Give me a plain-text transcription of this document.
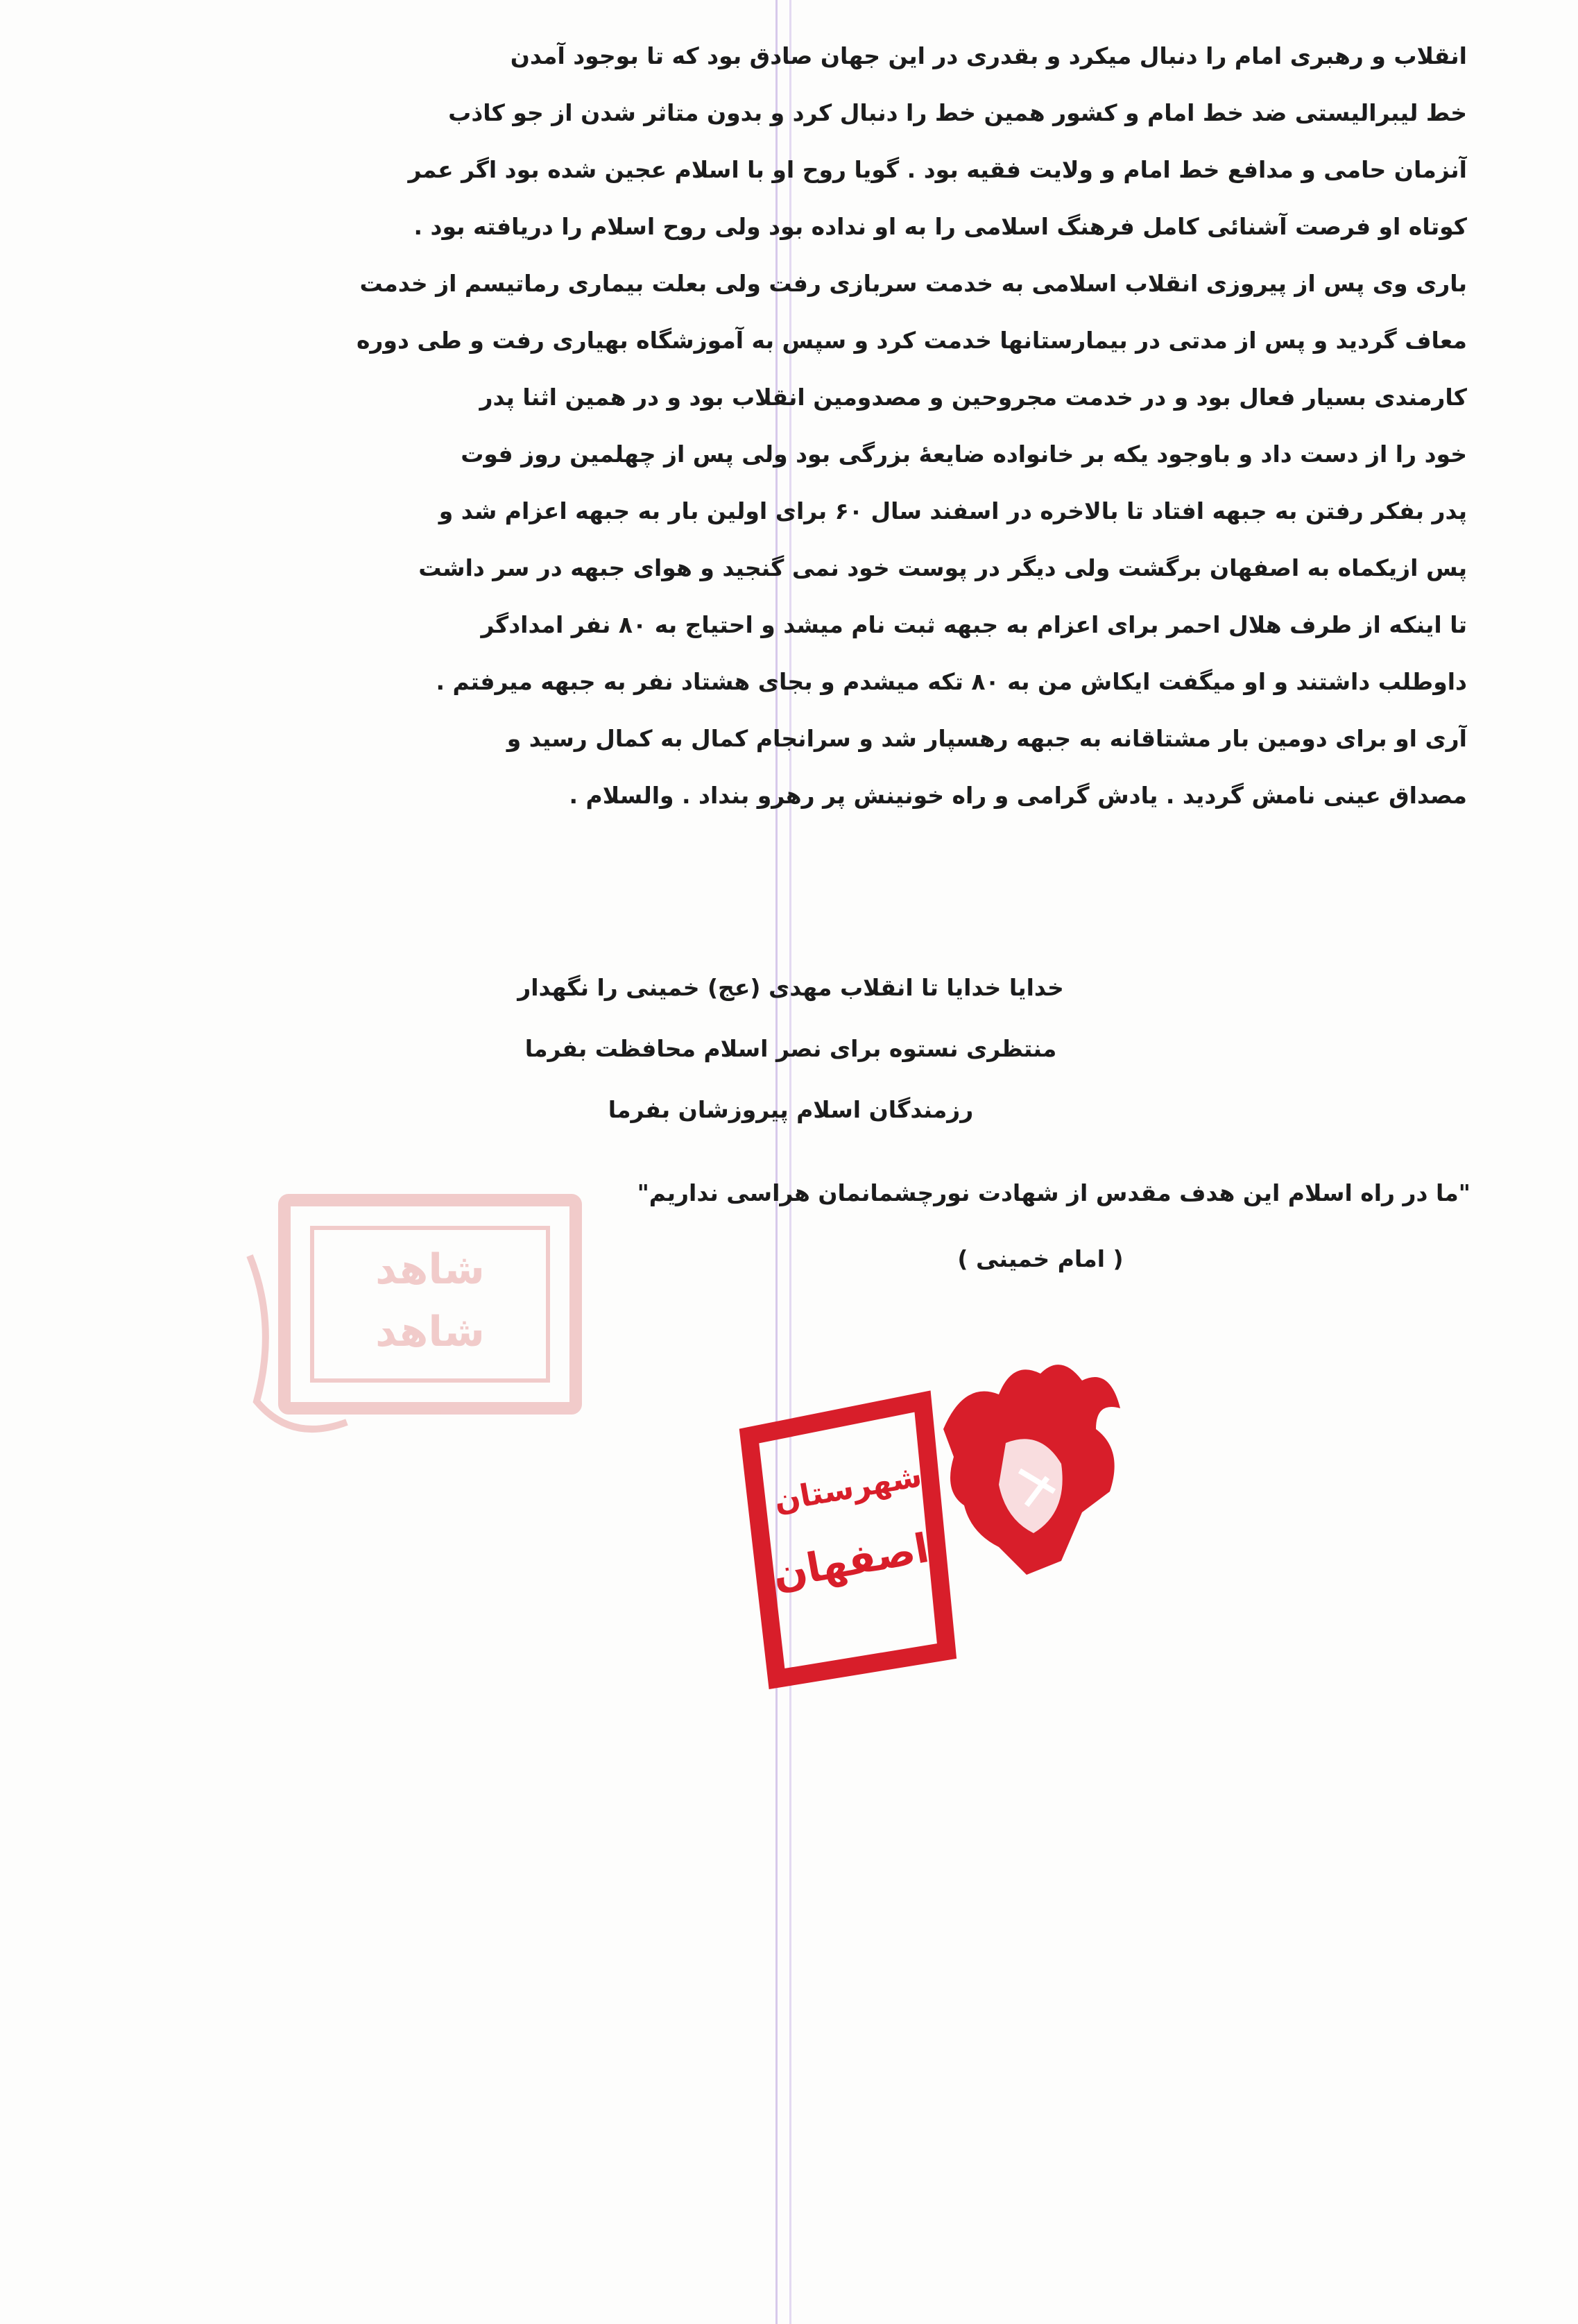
انقلاب و رهبری امام را دنبال میکرد و بقدری در این جهان صادق بود که تا بوجود آمدن

خط لیبرالیستی ضد خط امام و کشور همین خط را دنبال کرد و بدون متاثر شدن از جو کاذب

آنزمان حامی و مدافع خط امام و ولایت فقیه بود . گویا روح او با اسلام عجین شده بود اگر عمر

کوتاه او فرصت آشنائی کامل فرهنگ اسلامی را به او نداده بود ولی روح اسلام را دریافته بود .

باری وی پس از پیروزی انقلاب اسلامی به خدمت سربازی رفت ولی بعلت بیماری رماتیسم از خدمت

معاف گردید و پس از مدتی در بیمارستانها خدمت کرد و سپس به آموزشگاه بهیاری رفت و طی دوره

کارمندی بسیار فعال بود و در خدمت مجروحین و مصدومین انقلاب بود و در همین اثنا پدر

خود را از دست داد و باوجود یکه بر خانواده ضایعهٔ بزرگی بود ولی پس از چهلمین روز فوت

پدر بفکر رفتن به جبهه افتاد تا بالاخره در اسفند سال ۶۰ برای اولین بار به جبهه اعزام شد و

پس ازیکماه به اصفهان برگشت ولی دیگر در پوست خود نمی گنجید و هوای جبهه در سر داشت

تا اینکه از طرف هلال احمر برای اعزام به جبهه ثبت نام میشد و احتیاج به ۸۰ نفر امدادگر

داوطلب داشتند و او میگفت ایکاش من به ۸۰ تکه میشدم و بجای هشتاد نفر به جبهه میرفتم .

آری او برای دومین بار مشتاقانه به جبهه رهسپار شد و سرانجام کمال به کمال رسید و

مصداق عینی نامش گردید . یادش گرامی و راه خونینش پر رهرو بنداد . والسلام .

خدایا خدایا تا انقلاب مهدی (عج) خمینی را نگهدار

منتظری نستوه برای نصر اسلام محافظت بفرما

رزمندگان اسلام پیروزشان بفرما

"ما در راه اسلام این هدف مقدس از شهادت نورچشمانمان هراسی نداریم"
( امام خمینی )
شاهد
شاهد
شهرستان
اصفهان
